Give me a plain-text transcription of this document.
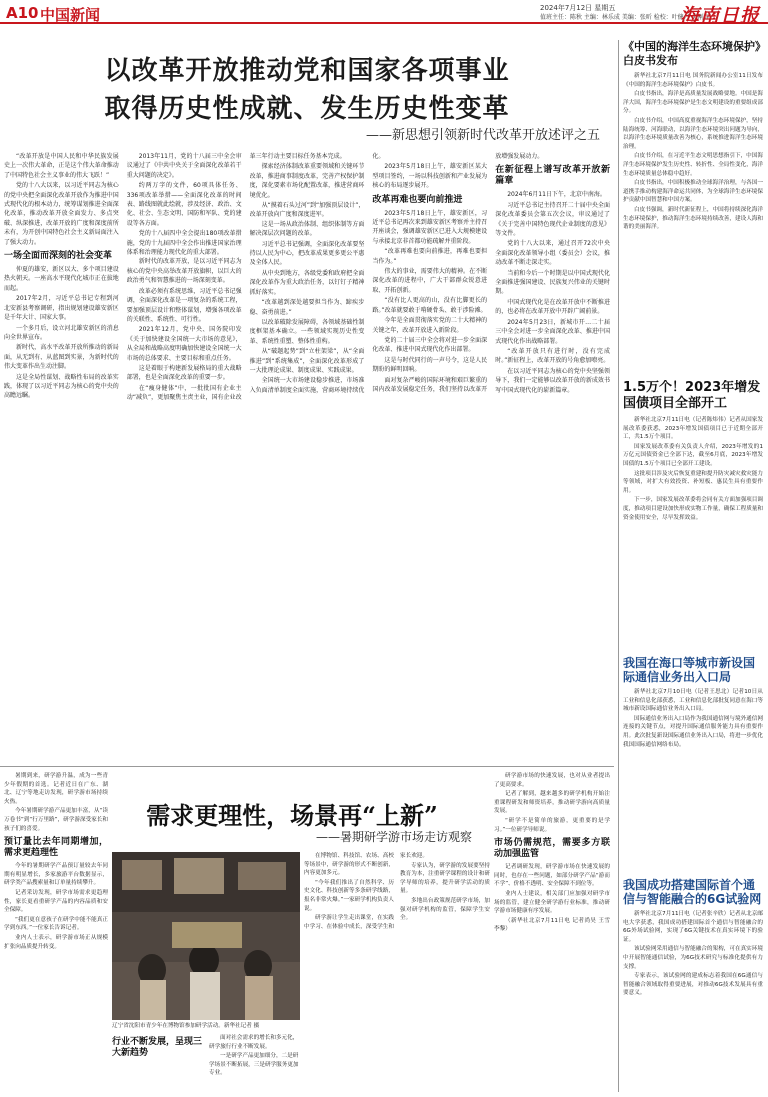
A10 中国新闻	2024年7月12日 星期五
值班主任：陈秋 主编：林乐成 美编：张昕 检校：叶健丹 黄刚存
海南日报
以改革开放推动党和国家各项事业
取得历史性成就、发生历史性变革
——新思想引领新时代改革开放述评之五

“改革开放是中国人民和中华民族发展史上一次伟大革命，正是这个伟大革命推动了中国特色社会主义事业的伟大飞跃！”

党的十八大以来，以习近平同志为核心的党中央把全面深化改革开放作为推进中国式现代化的根本动力，统筹谋划推进全面深化改革，推动改革开放全面发力、多点突破、纵深推进，改革开放的广度和深度前所未有，为开创中国特色社会主义新局面注入了强大动力。

一场全面而深刻的社会变革

仲夏的雄安，新区以大、多个项目建设热火朝天。一座高水平现代化城市正在拔地而起。

2017年2月，习近平总书记专程到河北安新县考察调研，指出规划建设雄安新区是千年大计、国家大事。

一个多月后，设立河北雄安新区的消息向全世界宣布。

新时代，高水平改革开放所推动的新局面，从无到有、从蓝图到实景，为新时代的伟大变革作出生动注脚。

这是全局性谋划、战略性布局的改革实践，体现了以习近平同志为核心的党中央的高瞻远瞩。

2013年11月，党的十八届三中全会审议通过了《中共中央关于全面深化改革若干重大问题的决定》。

约两万字的文件，60项具体任务、336项改革举措——全面深化改革的时间表、路线图就此绘就，涉及经济、政治、文化、社会、生态文明、国防和军队、党的建设等各方面。

党的十八届四中全会提出180项改革措施，党的十九届四中全会作出推进国家治理体系和治理能力现代化的重大部署。

新时代的改革开放，是以习近平同志为核心的党中央高举改革开放旗帜，以巨大的政治勇气和智慧推进的一场深刻变革。

改革必须有系统思维，习近平总书记强调，全面深化改革是一项复杂的系统工程，要加强顶层设计和整体谋划，增强各项改革的关联性、系统性、可行性。

2021年12月，党中央、国务院印发《关于加快建设全国统一大市场的意见》，从全局和战略高度明确加快建设全国统一大市场的总体要求、主要目标和重点任务。

这是着眼于构建新发展格局的重大战略部署，也是全面深化改革的重要一步。

在“瘦身健体”中，一批批国有企业主动“减负”，更加聚焦主责主业，国有企业改革三年行动主要目标任务基本完成。

探索经济体制改革重要领域和关键环节改革，推进商事制度改革，完善产权保护制度，深化要素市场化配置改革，推进营商环境优化。

从“摸着石头过河”到“加强顶层设计”，改革开放向广度和深度进军。

这是一场从政治体制、组织体制等方面解决深层次问题的改革。

习近平总书记强调，全面深化改革要坚持以人民为中心，把改革成果更多更公平惠及全体人民。

从中央到地方，各级党委和政府把全面深化改革作为重大政治任务，以钉钉子精神抓好落实。

“改革越到深处越要担当作为、蹄疾步稳、奋勇前进。”

以改革破除发展障碍，各领域基础性制度框架基本确立。一些领域实现历史性变革、系统性重塑、整体性重构。

从“破题起势”到“立柱架梁”，从“全面推进”到“系统集成”，全面深化改革形成了一大批理论成果、制度成果、实践成果。

全国统一大市场建设稳步推进，市场准入负面清单制度全面实施，营商环境持续优化。

2023年5月18日上午，雄安新区某大型项目签约，一场以科技创新和产业发展为核心的布局逐步展开。

改革再难也要向前推进

2023年5月18日上午，雄安新区，习近平总书记再次来到雄安新区考察并主持召开座谈会，强调雄安新区已进入大规模建设与承接北京非首都功能疏解并重阶段。

“改革再难也要向前推进，再难也要担当作为。”

伟大的事业，需要伟大的精神。在不断深化改革的进程中，广大干部群众锐意进取、开拓创新。

“没有比人更高的山，没有比脚更长的路。”改革就要敢于啃硬骨头、敢于涉险滩。

今年是全面贯彻落实党的二十大精神的关键之年，改革开放进入新阶段。

党的二十届三中全会将对进一步全面深化改革、推进中国式现代化作出部署。

这是与时代同行的一声号令，这是人民期盼的鲜明回响。

面对复杂严峻的国际环境和艰巨繁重的国内改革发展稳定任务，我们坚持以改革开放增强发展动力。

在新征程上谱写改革开放新篇章

2024年6月11日下午，北京中南海。

习近平总书记主持召开二十届中央全面深化改革委员会第五次会议，审议通过了《关于完善中国特色现代企业制度的意见》等文件。

党的十八大以来，通过召开72次中央全面深化改革领导小组（委员会）会议，推动改革不断走深走实。

当前和今后一个时期是以中国式现代化全面推进强国建设、民族复兴伟业的关键时期。

中国式现代化是在改革开放中不断推进的，也必将在改革开放中开辟广阔前景。

2024年5月23日，新城市开…二十届三中全会对进一步全面深化改革、推进中国式现代化作出战略部署。

“改革开放只有进行时，没有完成时。”新征程上，改革开放的号角愈加嘹亮。

在以习近平同志为核心的党中央坚强领导下，我们一定能够以改革开放的新成效书写中国式现代化的崭新篇章。

《中国的海洋生态环境保护》白皮书发布

新华社北京7月11日电 国务院新闻办公室11日发布《中国的海洋生态环境保护》白皮书。

白皮书指出，海洋是高质量发展战略要地。中国是海洋大国，海洋生态环境保护是生态文明建设的重要组成部分。

白皮书介绍，中国高度重视海洋生态环境保护，坚持陆海统筹、河海联动，以海洋生态环境突出问题为导向，以海洋生态环境质量改善为核心，系统推进海洋生态环境治理。

白皮书介绍，在习近平生态文明思想指引下，中国海洋生态环境保护发生历史性、转折性、全局性变化，海洋生态环境质量总体稳中趋好。

白皮书指出，中国积极推动全球海洋治理，与各国一道携手推动构建海洋命运共同体，为全球海洋生态环境保护贡献中国智慧和中国方案。

白皮书强调，新时代新征程上，中国将持续深化海洋生态环境保护，推动海洋生态环境持续改善，建设人海和谐的美丽海洋。

1.5万个！2023年增发国债项目全部开工

新华社北京7月11日电（记者陈炜伟）记者从国家发展改革委获悉，2023年增发国债项目已于近期全部开工，共1.5万个项目。

国家发展改革委有关负责人介绍，2023年增发的1万亿元国债资金已全部下达，截至6月底，2023年增发国债的1.5万个项目已全部开工建设。

这批项目涉及灾后恢复重建和提升防灾减灾救灾能力等领域，对扩大有效投资、补短板、惠民生具有重要作用。

下一步，国家发展改革委将会同有关方面加强项目调度，推动项目建设加快形成实物工作量，确保工程质量和资金使用安全，尽早发挥效益。

我国在海口等城市新设国际通信业务出入口局

新华社北京7月10日电（记者王思北）记者10日从工业和信息化部获悉，工业和信息化部批复同意在海口等城市新设国际通信业务出入口局。

国际通信业务出入口局作为我国通信网与境外通信网连接的关键节点，对提升国际通信服务能力具有重要作用。此次批复新设国际通信业务出入口局，将进一步优化我国国际通信网络布局。

我国成功搭建国际首个通信与智能融合的6G试验网

新华社北京7月11日电（记者张辛欣）记者从北京邮电大学获悉，我国成功搭建国际首个通信与智能融合的6G外场试验网，实现了6G关键技术在真实环境下的验证。

该试验网采用通信与智能融合的架构，可在真实环境中开展智能通信试验，为6G技术研究与标准化提供有力支撑。

专家表示，该试验网的建成标志着我国在6G通信与智能融合领域取得重要进展，对推动6G技术发展具有重要意义。

暑期到来，研学游升温，成为一些青少年假期的首选。记者近日在广东、湖北、辽宁等地走访发现，研学游市场持续火热。

今年暑期研学游产品更加丰富，从“读万卷书”到“行万里路”，研学游深受家长和孩子们的喜爱。

预订量比去年同期增加，需求更趋理性

今年的暑期研学产品预订量较去年同期有明显增长，多家旅游平台数据显示，研学类产品搜索量和订单量持续攀升。

记者采访发现，研学市场需求更趋理性，家长更看重研学产品的内容品质和安全保障。

“我们更在意孩子在研学中能不能真正学到东西。”一位家长告诉记者。

业内人士表示，研学游市场正从规模扩张向品质提升转变。

需求更理性，场景再“上新”
——暑期研学游市场走访观察
辽宁省沈阳市青少年在博物馆参加研学活动。新华社记者 摄
行业不断发展，呈现三大新趋势

面对社会需求的增长和多元化，研学旅行行业不断发展。

一是研学产品更加细分，二是研学场景不断拓展，三是研学服务更加专业。

在博物馆、科技馆、农场、高校等场景中，研学游的形式不断创新，内容更加多元。

“今年我们推出了自然科学、历史文化、科技创新等多条研学线路，报名非常火爆。”一家研学机构负责人说。

研学游让学生走出课堂，在实践中学习、在体验中成长，深受学生和家长欢迎。

专家认为，研学游的发展要坚持教育为本，注重研学课程的设计和研学导师的培养，提升研学活动的质量。

多地出台政策规范研学市场，加强对研学机构的监管，保障学生安全。

研学游市场的快速发展，也对从业者提出了更高要求。

记者了解到，越来越多的研学机构开始注重课程研发和师资培养，推动研学游向高质量发展。

“研学不是简单的旅游，更重要的是学习。”一位研学导师说。

市场仍需规范，需要多方联动加强监管

记者调研发现，研学游市场在快速发展的同时，也存在一些问题，如部分研学产品“游而不学”、价格不透明、安全保障不到位等。

业内人士建议，相关部门应加强对研学市场的监管，建立健全研学游行业标准，推动研学游市场健康有序发展。

（新华社北京7月11日电 记者尚昊 王雪 李黎）
